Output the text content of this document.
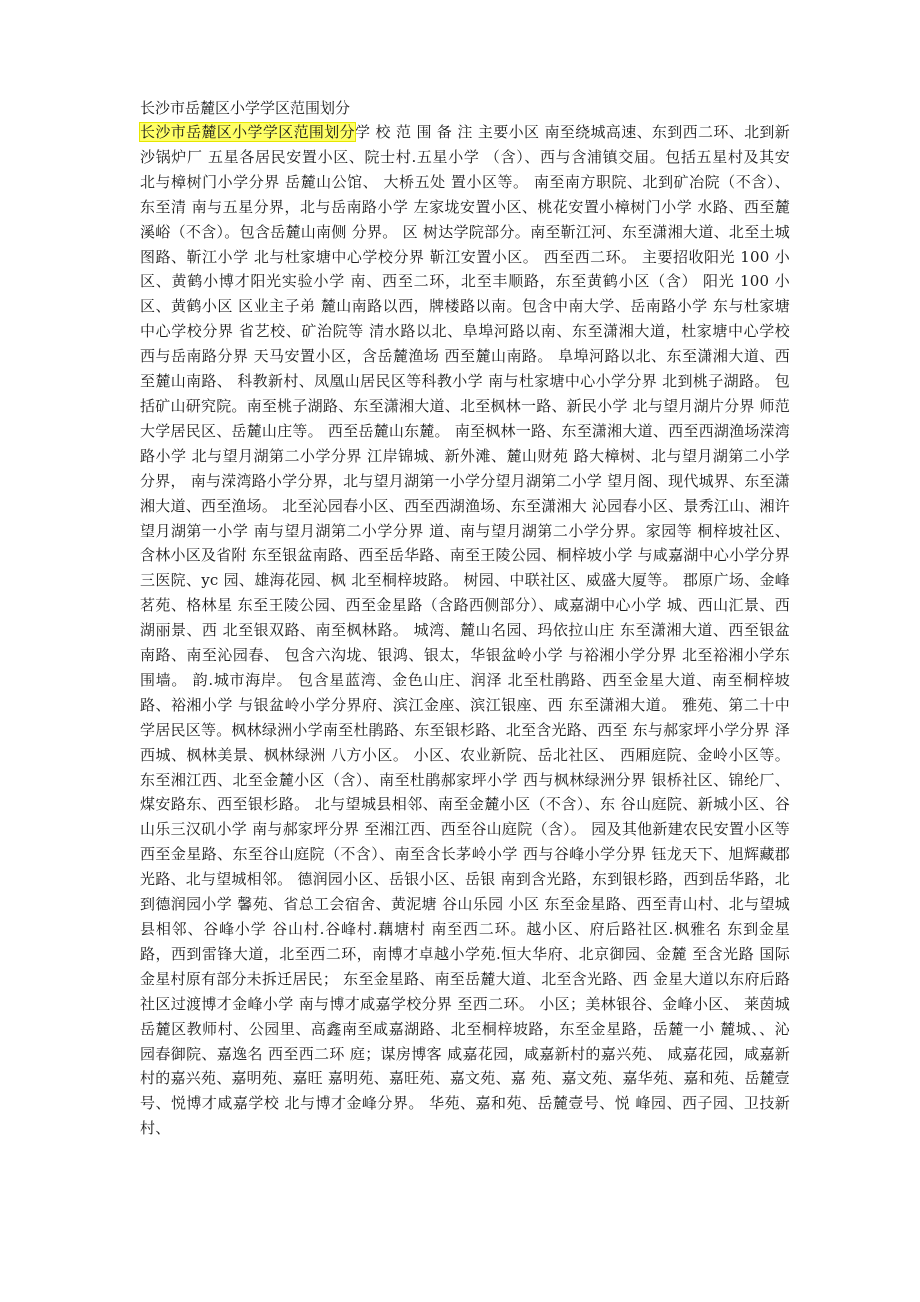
长沙市岳麓区小学学区范围划分

长沙市岳麓区小学学区范围划分学 校 范 围 备 注 主要小区 南至绕城高速、东到西二环、北到新沙锅炉厂 五星各居民安置小区、院士村.五星小学 （含）、西与含浦镇交届。包括五星村及其安 北与樟树门小学分界 岳麓山公馆、 大桥五处 置小区等。 南至南方职院、北到矿冶院（不含）、东至清 南与五星分界，北与岳南路小学 左家垅安置小区、桃花安置小樟树门小学 水路、西至麓溪峪（不含）。包含岳麓山南侧 分界。 区 树达学院部分。南至靳江河、东至潇湘大道、北至土城图路、靳江小学 北与杜家塘中心学校分界 靳江安置小区。 西至西二环。 主要招收阳光 100 小区、黄鹤小博才阳光实验小学 南、西至二环，北至丰顺路，东至黄鹤小区（含） 阳光 100 小区、黄鹤小区 区业主子弟 麓山南路以西，牌楼路以南。包含中南大学、岳南路小学 东与杜家塘中心学校分界 省艺校、矿治院等 清水路以北、阜埠河路以南、东至潇湘大道，杜家塘中心学校 西与岳南路分界 天马安置小区，含岳麓渔场 西至麓山南路。 阜埠河路以北、东至潇湘大道、西至麓山南路、 科教新村、凤凰山居民区等科教小学 南与杜家塘中心小学分界 北到桃子湖路。 包括矿山研究院。南至桃子湖路、东至潇湘大道、北至枫林一路、新民小学 北与望月湖片分界 师范大学居民区、岳麓山庄等。 西至岳麓山东麓。 南至枫林一路、东至潇湘大道、西至西湖渔场溁湾路小学 北与望月湖第二小学分界 江岸锦城、新外滩、麓山财苑 路大樟树、北与望月湖第二小学分界， 南与溁湾路小学分界，北与望月湖第一小学分望月湖第二小学 望月阁、现代城界、东至潇湘大道、西至渔场。 北至沁园春小区、西至西湖渔场、东至潇湘大 沁园春小区、景秀江山、湘许望月湖第一小学 南与望月湖第二小学分界 道、南与望月湖第二小学分界。家园等 桐梓坡社区、含林小区及省附 东至银盆南路、西至岳华路、南至王陵公园、桐梓坡小学 与咸嘉湖中心小学分界 三医院、yc 园、雄海花园、枫 北至桐梓坡路。 树园、中联社区、威盛大厦等。 郡原广场、金峰茗苑、格林星 东至王陵公园、西至金星路（含路西侧部分）、咸嘉湖中心小学 城、西山汇景、西湖丽景、西 北至银双路、南至枫林路。 城湾、麓山名园、玛依拉山庄 东至潇湘大道、西至银盆南路、南至沁园春、 包含六沟垅、银鸿、银太，华银盆岭小学 与裕湘小学分界 北至裕湘小学东围墙。 韵.城市海岸。 包含星蓝湾、金色山庄、润泽 北至杜鹃路、西至金星大道、南至桐梓坡路、裕湘小学 与银盆岭小学分界府、滨江金座、滨江银座、西 东至潇湘大道。 雅苑、第二十中学居民区等。枫林绿洲小学南至杜鹃路、东至银杉路、北至含光路、西至 东与郝家坪小学分界 泽西城、枫林美景、枫林绿洲 八方小区。 小区、农业新院、岳北社区、 西厢庭院、金岭小区等。 东至湘江西、北至金麓小区（含）、南至杜鹃郝家坪小学 西与枫林绿洲分界 银桥社区、锦纶厂、煤安路东、西至银杉路。 北与望城县相邻、南至金麓小区（不含）、东 谷山庭院、新城小区、谷山乐三汉矶小学 南与郝家坪分界 至湘江西、西至谷山庭院（含）。 园及其他新建农民安置小区等 西至金星路、东至谷山庭院（不含）、南至含长茅岭小学 西与谷峰小学分界 钰龙天下、旭辉藏郡 光路、北与望城相邻。 德润园小区、岳银小区、岳银 南到含光路，东到银杉路，西到岳华路，北到德润园小学 馨苑、省总工会宿舍、黄泥塘 谷山乐园 小区 东至金星路、西至青山村、北与望城县相邻、谷峰小学 谷山村.谷峰村.藕塘村 南至西二环。越小区、府后路社区.枫雅名 东到金星路，西到雷锋大道，北至西二环，南博才卓越小学苑.恒大华府、北京御园、金麓 至含光路 国际 金星村原有部分未拆迁居民； 东至金星路、南至岳麓大道、北至含光路、西 金星大道以东府后路社区过渡博才金峰小学 南与博才咸嘉学校分界 至西二环。 小区；美林银谷、金峰小区、 莱茵城 岳麓区教师村、公园里、高鑫南至咸嘉湖路、北至桐梓坡路，东至金星路，岳麓一小 麓城、、沁园春御院、嘉逸名 西至西二环 庭；谋房博客 咸嘉花园，咸嘉新村的嘉兴苑、 咸嘉花园，咸嘉新村的嘉兴苑、嘉明苑、嘉旺 嘉明苑、嘉旺苑、嘉文苑、嘉 苑、嘉文苑、嘉华苑、嘉和苑、岳麓壹号、悦博才咸嘉学校 北与博才金峰分界。 华苑、嘉和苑、岳麓壹号、悦 峰园、西子园、卫技新村、
